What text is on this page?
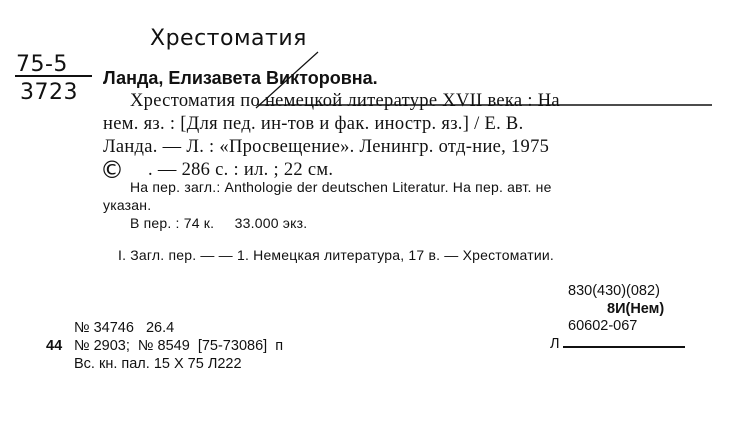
Хрестоматия
75-5
3723
Ланда, Елизавета Викторовна.
Хрестоматия по немецкой литературе XVII века : На
нем. яз. : [Для пед. ин-тов и фак. иностр. яз.] / Е. В.
Ланда. — Л. : «Просвещение». Ленингр. отд-ние, 1975
© . — 286 с. : ил. ; 22 см.
На пер. загл.: Anthologie der deutschen Literatur. На пер. авт. не
указан.
В пер. : 74 к.     33.000 экз.
I. Загл. пер. — — 1. Немецкая литература, 17 в. — Хрестоматии.
830(430)(082)
8И(Нем)
60602-067
Л
№ 34746   26.4
44 № 2903;  № 8549  [75-73086]  п
Вс. кн. пал. 15 X 75 Л222
